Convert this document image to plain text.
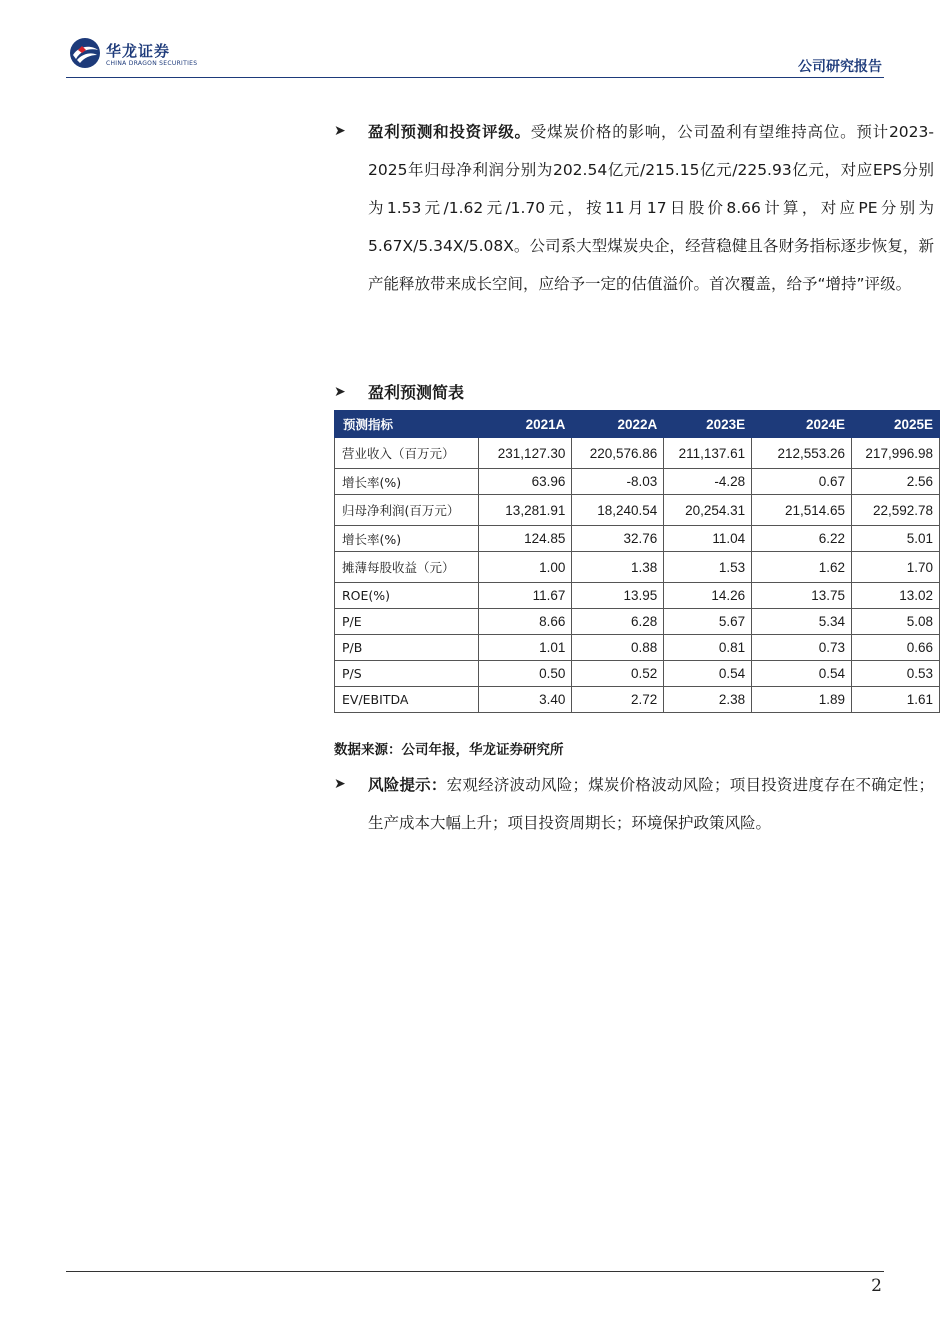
华龙证券
CHINA DRAGON SECURITIES	公司研究报告
➤ 盈利预测和投资评级。受煤炭价格的影响，公司盈利有望维持高位。预计2023-2025年归母净利润分别为202.54亿元/215.15亿元/225.93亿元，对应EPS分别为1.53元/1.62元/1.70元，按11月17日股价8.66计算，对应PE分别为5.67X/5.34X/5.08X。公司系大型煤炭央企，经营稳健且各财务指标逐步恢复，新产能释放带来成长空间，应给予一定的估值溢价。首次覆盖，给予“增持”评级。

➤ 盈利预测简表
预测指标	2021A	2022A	2023E	2024E	2025E
营业收入（百万元）	231,127.30	220,576.86	211,137.61	212,553.26	217,996.98
增长率(%)	63.96	-8.03	-4.28	0.67	2.56
归母净利润(百万元）	13,281.91	18,240.54	20,254.31	21,514.65	22,592.78
增长率(%)	124.85	32.76	11.04	6.22	5.01
摊薄每股收益（元）	1.00	1.38	1.53	1.62	1.70
ROE(%)	11.67	13.95	14.26	13.75	13.02
P/E	8.66	6.28	5.67	5.34	5.08
P/B	1.01	0.88	0.81	0.73	0.66
P/S	0.50	0.52	0.54	0.54	0.53
EV/EBITDA	3.40	2.72	2.38	1.89	1.61
数据来源：公司年报，华龙证券研究所
➤ 风险提示：宏观经济波动风险；煤炭价格波动风险；项目投资进度存在不确定性；生产成本大幅上升；项目投资周期长；环境保护政策风险。

2
